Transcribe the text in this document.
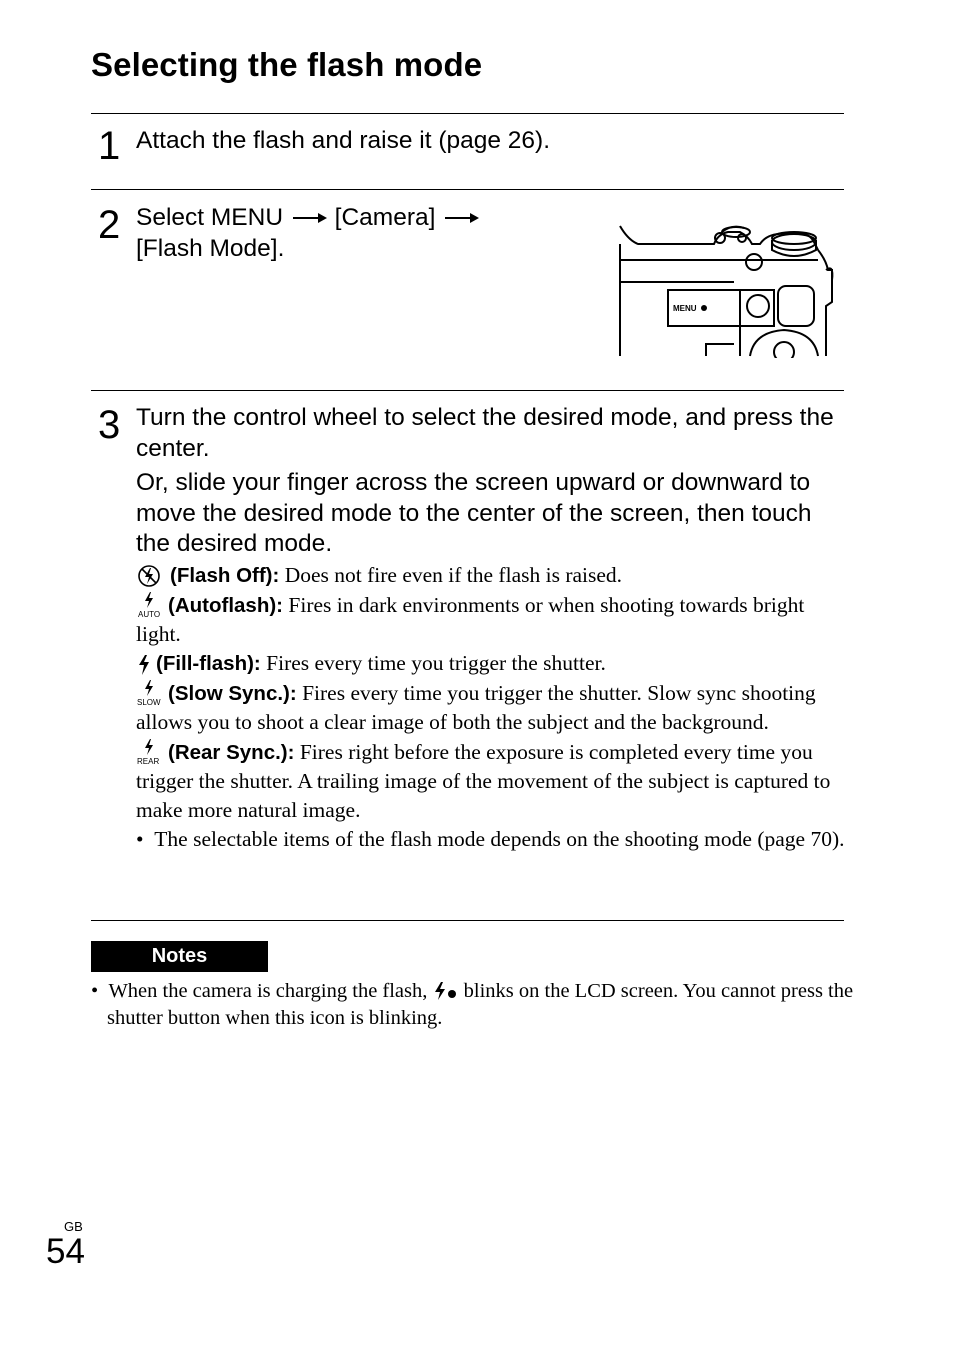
Selecting the flash mode
1 Attach the flash and raise it (page 26).
2 Select MENU [Camera]

[Flash Mode].

MENU
3 Turn the control wheel to select the desired mode, and press the center.

Or, slide your finger across the screen upward or downward to move the desired mode to the center of the screen, then touch the desired mode.

(Flash Off): Does not fire even if the flash is raised.

AUTO (Autoflash): Fires in dark environments or when shooting towards bright light.

(Fill-flash): Fires every time you trigger the shutter.

SLOW (Slow Sync.): Fires every time you trigger the shutter. Slow sync shooting allows you to shoot a clear image of both the subject and the background.

REAR (Rear Sync.): Fires right before the exposure is completed every time you trigger the shutter. A trailing image of the movement of the subject is captured to make more natural image.

•  The selectable items of the flash mode depends on the shooting mode (page 70).

Notes
•  When the camera is charging the flash, blinks on the LCD screen. You cannot press the shutter button when this icon is blinking.
GB
54
